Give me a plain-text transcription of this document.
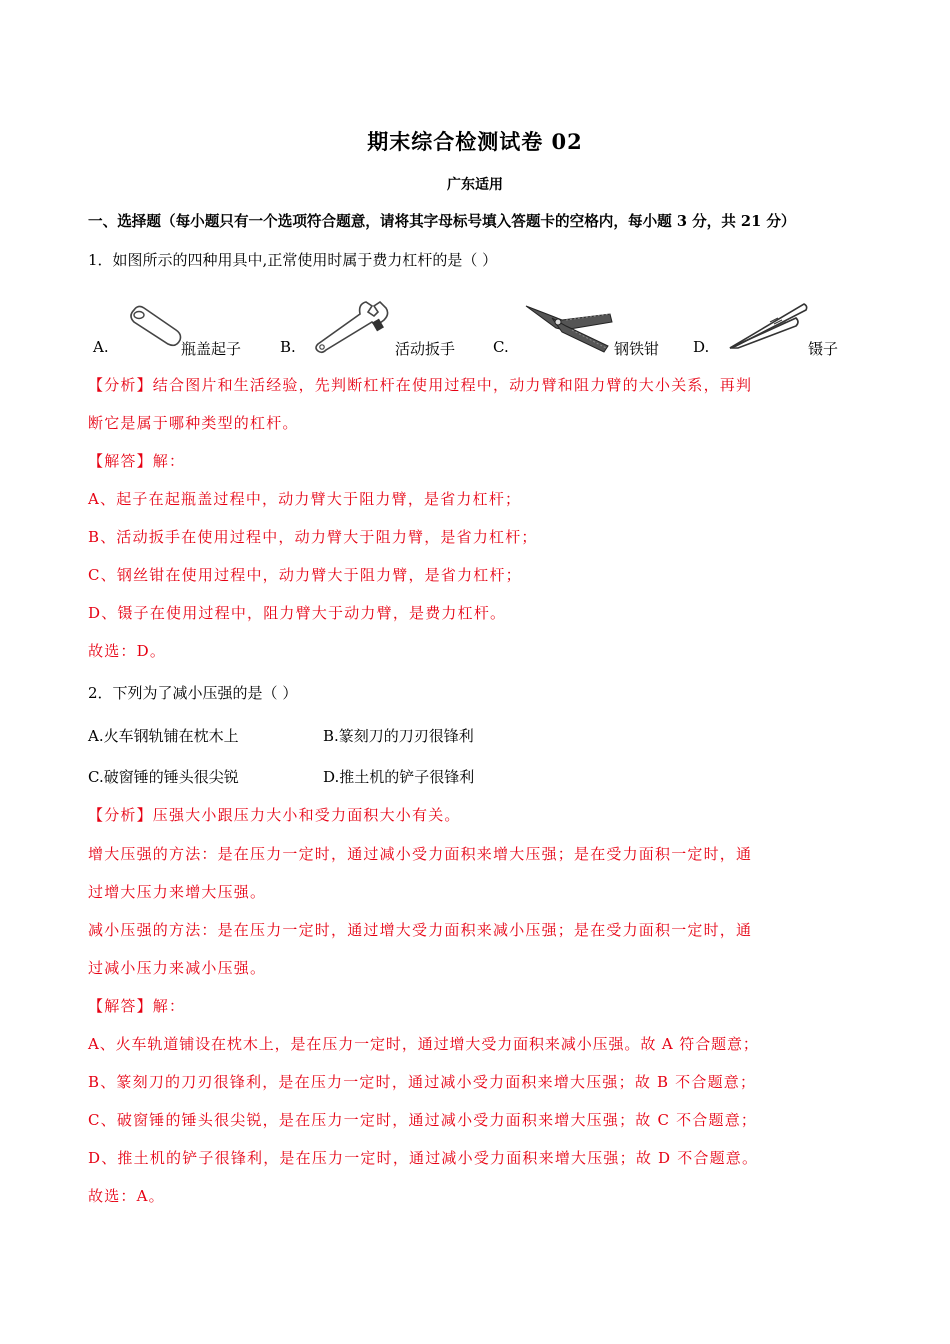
期末综合检测试卷 02
广东适用
一、选择题（每小题只有一个选项符合题意，请将其字母标号填入答题卡的空格内，每小题 3 分，共 21 分）
1．如图所示的四种用具中,正常使用时属于费力杠杆的是（ ）
A.	瓶盖起子	B.	活动扳手	C.	钢铁钳 D.	镊子
【分析】结合图片和生活经验，先判断杠杆在使用过程中，动力臂和阻力臂的大小关系，再判
断它是属于哪种类型的杠杆。
【解答】解：
A、起子在起瓶盖过程中，动力臂大于阻力臂，是省力杠杆；
B、活动扳手在使用过程中，动力臂大于阻力臂，是省力杠杆；
C、钢丝钳在使用过程中，动力臂大于阻力臂，是省力杠杆；
D、镊子在使用过程中，阻力臂大于动力臂，是费力杠杆。
故选：D。
2．下列为了减小压强的是（ ）
A.火车钢轨铺在枕木上	B.篆刻刀的刀刃很锋利
C.破窗锤的锤头很尖锐	D.推土机的铲子很锋利
【分析】压强大小跟压力大小和受力面积大小有关。
增大压强的方法：是在压力一定时，通过减小受力面积来增大压强；是在受力面积一定时，通
过增大压力来增大压强。
减小压强的方法：是在压力一定时，通过增大受力面积来减小压强；是在受力面积一定时，通
过减小压力来减小压强。
【解答】解：
A、火车轨道铺设在枕木上，是在压力一定时，通过增大受力面积来减小压强。故 A 符合题意；
B、篆刻刀的刀刃很锋利，是在压力一定时，通过减小受力面积来增大压强；故 B 不合题意；
C、破窗锤的锤头很尖锐，是在压力一定时，通过减小受力面积来增大压强；故 C 不合题意；
D、推土机的铲子很锋利，是在压力一定时，通过减小受力面积来增大压强；故 D 不合题意。
故选：A。
